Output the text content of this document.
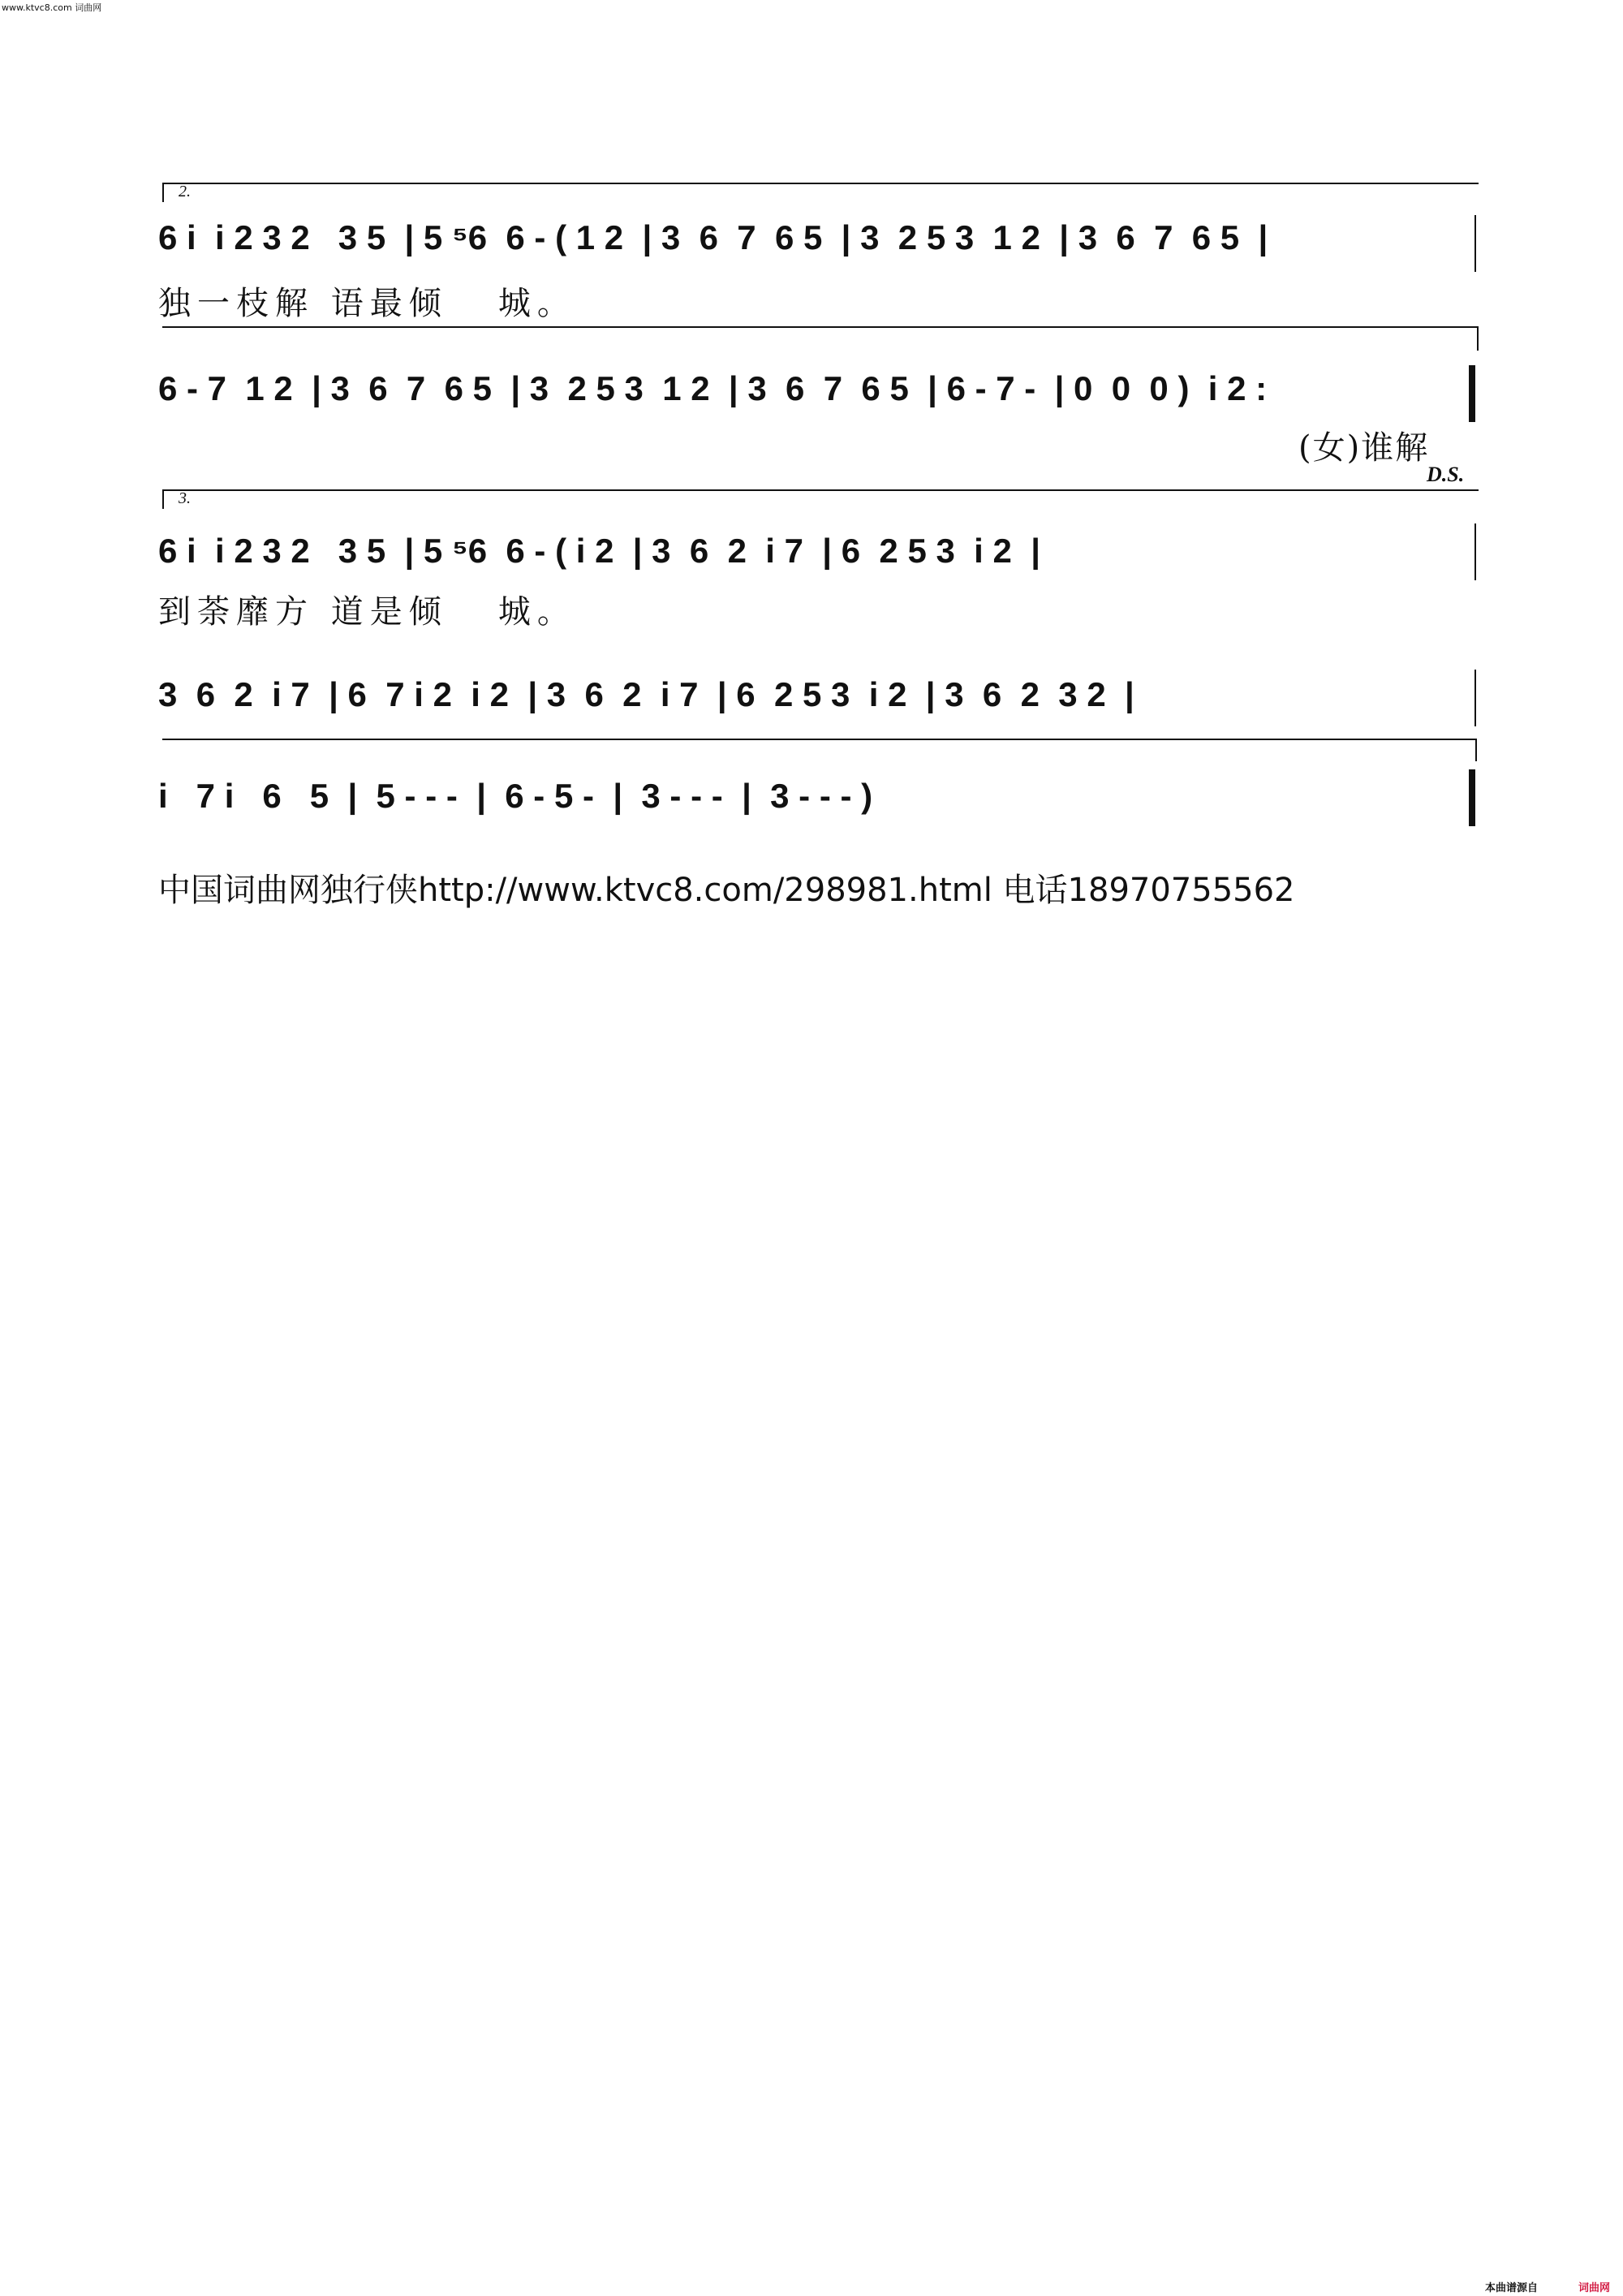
www.ktvc8.com 词曲网
2.
6 i  i 2 3 2   3 5  | 5 ⁵6  6 - ( 1 2  | 3  6  7  6 5  | 3  2 5 3  1 2  | 3  6  7  6 5  |
独一枝解 语最倾   城。
6 - 7  1 2  | 3  6  7  6 5  | 3  2 5 3  1 2  | 3  6  7  6 5  | 6 - 7 -  | 0  0  0 )  i 2 :
(女)谁解
D.S.
3.
6 i  i 2 3 2   3 5  | 5 ⁵6  6 - ( i 2  | 3  6  2  i 7  | 6  2 5 3  i 2  |
到荼靡方 道是倾   城。
3  6  2  i 7  | 6  7 i 2  i 2  | 3  6  2  i 7  | 6  2 5 3  i 2  | 3  6  2  3 2  |
i   7 i   6   5  |  5 - - -  |  6 - 5 -  |  3 - - -  |  3 - - - )
中国词曲网独行侠http://www.ktvc8.com/298981.html 电话18970755562
本曲谱源自	词曲网
